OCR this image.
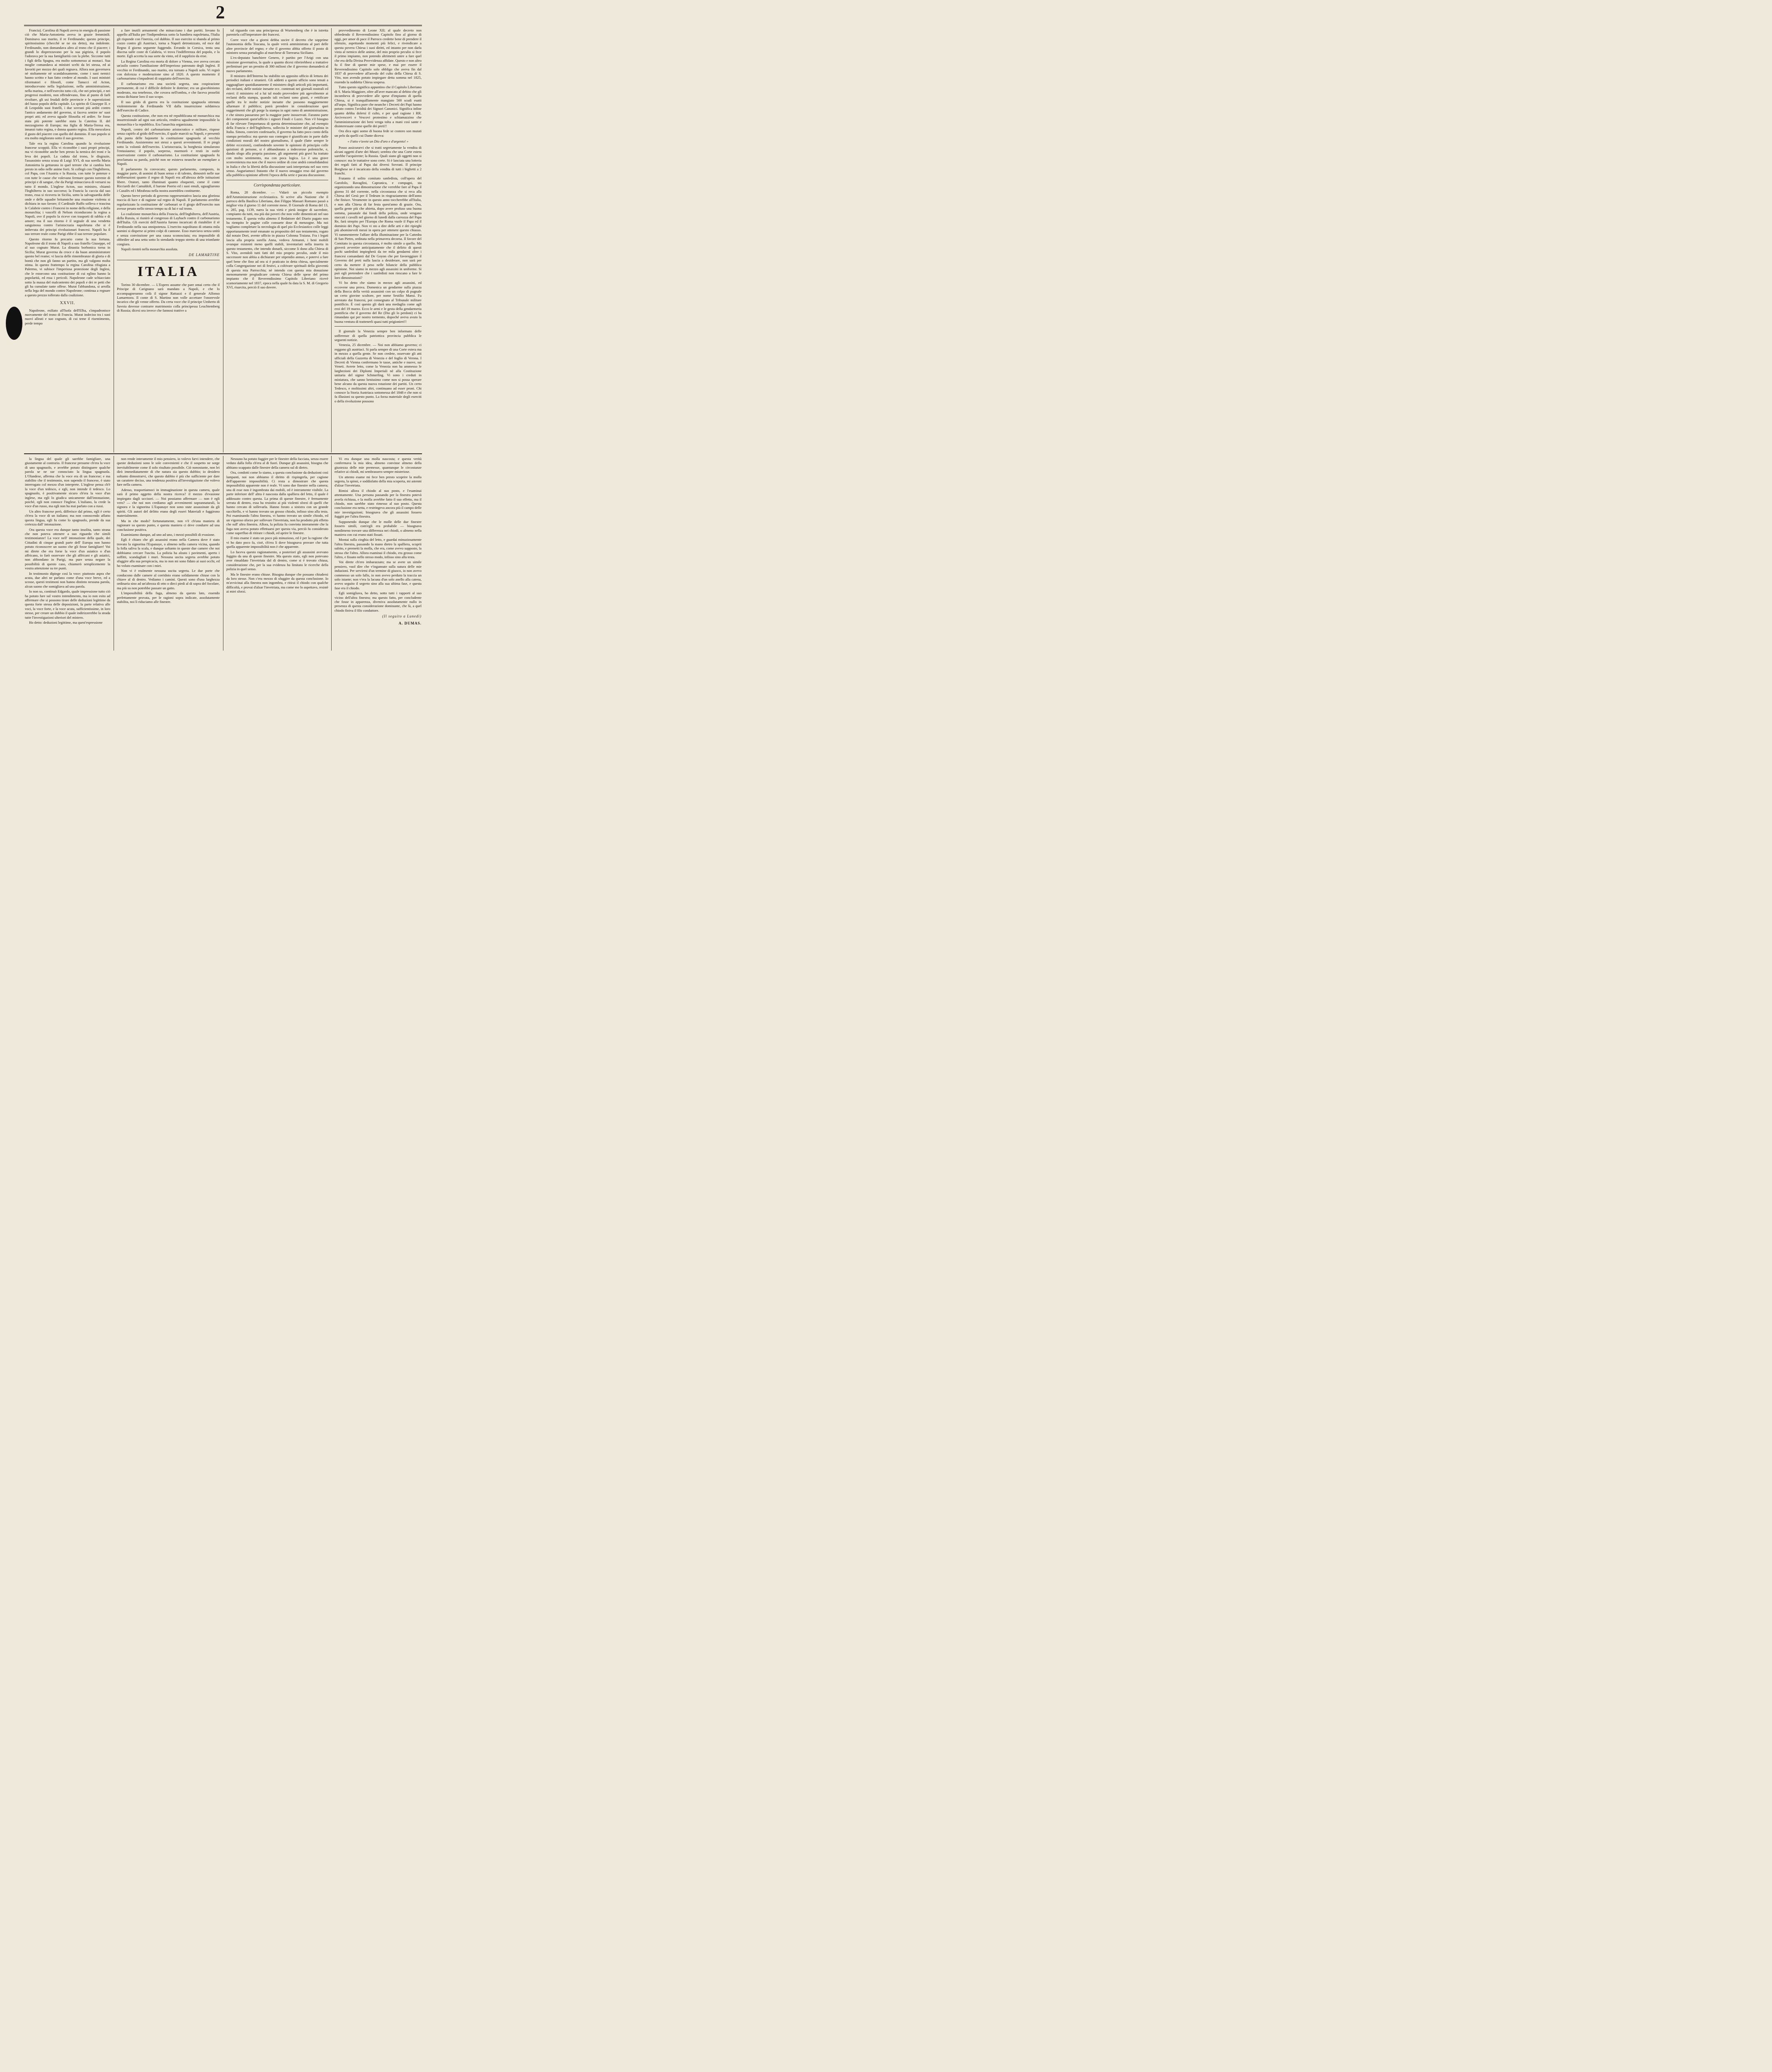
2

Francia). Carolina di Napoli aveva in energia di passione ciò che Maria-Antonietta aveva in grazie femminili. Dominava suo marito, il re Ferdinando; questo principe, spiritosissimo (checchè se ne sia detto), ma indolente. Ferdinando, non domandava altro al trono che il piacere; i grandi lo disprezzavano per la sua pigrizia, il popolo l'adorava per la sua famigliarità con la plebe. Siccome tutti i figli della Spagna, era molto sottomesso ai monaci. Sua moglie comandava ai ministri scelti da lei stessa, ed ai favoriti per mezzo dei quali regnava. Allora non governava nè stoltamente nè scandalosamente, come i suoi nemici hanno scritto e han fatto credere al mondo. I suoi ministri riformatori e filosofi, come Tanucci ed Acton, introducevano nella legislazione, nella amministrazione, nella marina, e nell'esercito tutto ciò, che nei principii, e nei progressi moderni, non offendevano, fino al punto di farli rivoltare, gli usi feudali delle provincie e le superstizioni del basso popolo della capitale. Lo spirito di Giuseppe II. e di Leopoldo suoi fratelli, i due sovrani più arditi contro l'antico andamento del governo, si faceva sentire ne' suoi propri atti; ed aveva uguale filosofia ed ardire. Se fosse stata più potente sarebbe stata la Caterina II. del mezzogiorno di Europa; ma figlia di Maria-Teresa era, innanzi tutto regina, e donna quanto regina. Ella mescolava il gusto del piacere con quello del dominio. Il suo popolo si era molto migliorato sotto il suo governo.

Tale era la regina Carolina quando la rivoluzione francese scoppiò. Ella vi riconobbe i suoi propri principi, ma vi riconobbe anche ben presto la nemica dei troni e la leva dei popoli. La caduta dal trono, le disgrazie, l'assassinio senza scusa di Luigi XVI, di sua sorella Maria Antonietta la gettarono in quel terrore che si cambia ben presto in odio nelle anime forti. Si collegò con l'Inghilterra, col Papa, con l'Austria e la Russia, con tutte le potenze e con tutte le cause che volevano fermare questo torrente di principi e di sangue, che da Parigi minacciava di versarsi su tutto il mondo. L'inglese Acton, suo ministro, chiamò l'Inghilterra in suo soccorso; la Francia la caccia dal suo trono, essa si ricovera in Sicilia, sotto la salvaguardia delle onde e delle squadre britanniche una reazione violenta si dichiara in suo favore; il Cardinale Ruffo solleva e trascina le Calabrie contro i Francesi in nome della religione, e della monarchia; i vascelli di Nelson riconducono la regina a Napoli, ove il popolo la riceve con trasporti di rabbia e di amore; ma il suo ritorno è il segnale di una vendetta sanguinosa contro l'aristocrazia napoletana che si è imbevuta dei principi rivoluzionari francesi. Napoli ha il suo terrore reale come Parigi ebbe il suo terrore popolare.

Questo ritorno fu precario come la sua fortuna. Napoleone dà il trono di Napoli a suo fratello Giuseppe, ed al suo cognato Murat. La dinastia borbonica torna in Sicilia; Murat governa da croce e da buon amministratore questo bel reame; vi lascia delle rimembranze di gloria e di bontà che non gli fanno un partito, ma gli valgono molta stima. In questo frattempo la regina Carolina rifugiata a Palermo, vi subisce l'imperiosa protezione degli Inglesi, che le estorcono una costituzione di cui eglino hanno la popolarità, ed essa i pericoli. Napoleone cade schiacciato sotto la massa del malcontento dei popoli e dei re petti che gli ha cumulate tante offese. Murat l'abbandona, si arrolla nella lega del mondo contro Napoleone; continua a regnare a questo prezzo tollerato dalla coalizione.

XXVII.

Napoleone, esiliato all'Isola dell'Elba, s'impadronisce nuovamente del trono di Francia. Murat indeciso tra i suoi nuovi alleati e suo cognato, di cui teme il risentimento, perde tempo

a fare inutili armamenti che minacciano i due partiti. Invano fa appello all'Italia per l'indipendenza sotto la bandiera napoletana, l'Italia gli risponde con l'inerzia, col dubbio. Il suo esercito si sbanda al primo cozzo contro gli Austriaci, torna a Napoli detronizzato, ed esce dal Regno il giorno seguente fuggendo. Errando in Corsica, tenta una discesa sulle coste di Calabria, vi trova l'indifferenza del popolo, e la morte. Egli accetta la sua sorte da vinto, ed il supplizio da eroe.

La Regina Carolina era morta di dolore a Vienna, ove aveva cercato un'asilo contro l'umiliazione dell'imperioso patronato degli Inglesi. Il vecchio re Ferdinando, suo marito, era tornato a Napoli solo. Vi regnò con dolcezza e moderazione sino al 1820. A questo momento il carbonarismo s'impadronì di soppiatto dell'esercito.

Il carbonarismo era una società segreta, una cospirazione permanente, di cui è difficile definire le dottrine; era un giacobinismo moderato, ma tenebroso, che covava nell'ombra, e che faceva proseliti senza dichiarar loro il suo scopo.

Il suo grido di guerra era la costituzione spagnuola ottenuta violentemente da Ferdinando VII dalla insurrezione soldatesca dell'esercito di Cadice.

Questa costituzione, che non era nè repubblicana nè monarchica ma insurrezionale ad ogni suo articolo, rendeva ugualmente impossibile la monarchia e la repubblica. Era l'anarchia organizzata.

Napoli, centro del carbonarismo aristocratico e militare, rispose senza capirlo al grido dell'esercito, il quale marciò su Napoli, e presentò alla punta delle bajonette la costituzione spagnuola al vecchio Ferdinando. Assistemmo noi stessi a questi avvenimenti. Il re piegò sotto la volontà dell'esercito. L'aristocrazia, la borghesia simularono l'entusiasmo; il popolo, sorpreso, mormorò e restò in ostile osservazione contro il carbonarismo. La costituzione spagnuola fu proclamata su parola, poichè non ne esisteva neanche un esemplare a Napoli.

Il parlamento fu convocato; questo parlamento, composto, in maggior parte, di uomini di buon senso e di talento, dimostrò nelle sue deliberazioni quanto il regno di Napoli era all'altezza delle istituzioni libere. Oratori, tanto illuminati quanto eloquenti, come il conte Ricciardi dei Camaldoli, il barone Poerio ed i suoi emuli, uguagliarono i Cazalès ed i Mirabeau nella nostra assemblea costituente.

Questo breve periodo di governo rappresentativo lascia una gloriosa traccia di luce e di ragione sul regno di Napoli. Il parlamento avrebbe regolarizzato la costituzione de' carbonari se il giogo dell'esercito non avesse pesato nello stesso tempo su di lui e sul trono.

La coalizione monarchica della Francia, dell'Inghilterra, dell'Austria, della Russia, si riunirò al congresso di Laybach contro il carbonarismo dell'Italia. Gli eserciti dell'Austria furono incaricati di ristabilire il rè Ferdinando nella sua onnipotenza. L'esercito napolitano di ottanta mila uomini si disperse ai primi colpi di cannone. Esso marciava senza unità e senza convinzione per una causa sconosciuta; era impossibile di obbedire ad una setta sotto lo stendardo troppo stretto di una trionfante congiura.

Napoli rientrò nella monarchia assoluta.

DE LAMARTINE
ITALIA

Torino 30 dicembre. — L'Espero assume che pare omai certo che il Principe di Carignano sarà mandato a Napoli, e che lo accompagneranno colà il signor Rattazzi e il generale Alfonso Lamarmora. Il conte di S. Martino non volle accettare l'onorevole incarico che gli venne offerto. Da certa voce che il principe Umberto di Savoia dovesse contrarre matrimonio colla principessa Leuchtemberg di Russia; dicesi ora invece che fannosi trattive a

tal riguardo con una principessa di Wurtemberg che è in istretta parentela coll'imperatore dei francesi.

Corre voce che a giorni debba uscire il decreto che sopprime l'autonomia della Toscana, la quale verrà amministrata al pari delle altre provincie del regno; e che il governo abbia offerto il posto di ministro senza portafoglio al marchese di Torrearsa Siciliano.

L'ex-deputato banchiere Genero, è partito per l'Arigi con una missione governativa, la quale a quanto dicesi riferirebbesi a trattative preliminari per un prestito di 300 milioni che il governo domanderà al nuovo parlamento.

Il ministro dell'Interno ha stabilito un apposito ufficio di lettura dei periodici italiani e stranieri. Gli addetti a questo ufficio sono tenuti a ragguagliare quotidianamente il ministero degli articoli più importanti, dei reclami, delle notizie inesatte ecc. contenuti nei giornali nostrali ed esteri: il ministero ed a lui tal modo provvedere più agevolmente ai reclami della stampa, quando tali reclami sono giusti, e rettificare quelle tra le molte notizie inesatte che possono maggiormente allarmare il pubblico; potrà prendere in considerazione quei suggerimenti che gli porge la stampa in ogni ramo di amministrazione, e che sinora passarono per la maggior parte inosservati. Faranno parte dei componenti quest'ufficio i signori Finali e Luzzi. Non v'è bisogno di far rilevare l'importanza di questa determinazione che, ad esempio della Francia e dell'Inghilterra, sollecita le ministre del giornalista in Italia. Sinora, convien confessarlo, il governo ha fatto poco conto della stampa periodica: ma questo suo contegno è giustificato in parte dalle condizioni morali del nostro giornalismo, il quale (fatte sempre le debite eccezioni), confondendo sovente le opinioni di principio colle quistioni di persone, si è abbandonato a indecorose polemiche, e, dando sfogo alla propria passione, gli argomenti più gravi ha trattato con molto sentimento, ma con poca logica. Lo è una grave sconvenienza ma non che il nuovo ordine di cose andrà consolidandosi in Italia e che la libertà della discussione sarà interpretata nel suo vero senso. Auguriamoci fratanto che il nuovo omaggio reso dal governo alla pubblica opinione affretti l'epoca della serie e pacata discussione.

Corrispondenza particolare.

Roma, 28 dicembre. — Vidarò un piccolo esempio dell'Amministrazione ecclesiastica. Si scrive alla Nazione che il parroco della Basilica Liberiana, don Filippo Massari Romano passò a miglior vita il giorno 11 del corrente mese. Il Giornale di Roma del 13, n. 285, pag. 1139, narra la sua virtù e pietà insigne di sacerdote, compianto da tutti, ma più dai poveri che non volle dimenticati nel suo testamento. È questa volta almeno il Redattore del Diario pagato non ha riempito le pagine colle consuete dose di menzogne. Ma noi vogliamo completare la necrologia di quel pio Ecclesiastico colle leggi opportunamente testé emanate su propositio del suo testamento, rogato dal notaio Dori, avente ufficio in piazza Colonna Traiana. Fra i legati lascia alla propria sorella Anna, vedova Armanni, i beni mobili ovunque esistenti meno quelli stabili, inventariati nella inserta in questo testamento, che intendo donarli, siccome li dono alla Chiesa di S. Vito, avendoli tutti fatti del mio proprio peculio, onde il mio successore non abbia a dichiarare per stipendio annuo, e potervi a fare quel bene che fino ad ora si è praticato in detta chiesa, specialmente colla Congregazione nei dì festivi, a coltivare spirituali della gioventù di questa mia Parrocchia; nè intendo con questa mia donazione menomamente pregiudicare cotesta Chiesa delle spese del primo impianto che il Reverendissimo Capitolo Liberiano ricevè scamoriamente nel 1837, epoca nella quale fu data la S. M. di Gregorio XVI, risarcita, perciò il suo dovere.

provvedimento di Leone XII; al quale decreto non obbedendo il Reverendissimo Capitolo fino al giorno di oggi, per amor di pace il Parroco credette bene di prendere il silenzio, aspettando momenti più felici, e rivendicare a questa povera Chiesa i suoi diritti, ed intanto per non darla vinta al nemico delle anime, del mio proprio peculio si fece il primo impianto, non potendo altrimenti unire a fare quel che era della Divina Provvidenza affidate. Questo e non altro fu il fine di queste mie spese, e mai per essere il Reverendissimo Capitolo solo obbligo che aveva fin dal 1837 di provvedere all'arredo del culto della Chiesa di S. Vito, non avendo potuto impiegare detta somma nel 1825, essendo la suddetta Chiesa sospesa.

Tutto questo significa appuntino che il Capitolo Liberiano di S. Maria Maggiore, oltre all'aver mancato al debito che gli incombeva di provvedere alle spese d'impianto di quella Chiesa, si è tranquillamente mangiato 500 scudi esatti all'uopo. Significa pure che neanche i Decreti dei Papi hanno potuto contro l'avidità dei Signori Canonici. Significa infine quanto debba dolersi il culto, e per qual ragione i RR. Arcivescovi e Vescovi protestino e schiamazzino che l'amministrazione dei beni venga tolta a mani così sante e disinteressate come quelle dei preti!!

Ora dica ogni uomo di buona fede se costoro son mutati un pelo da quelli cui Dante diceva:

« Fatto v'avete un Dio d'oro e d'argento! »

Posso assicurarvi che si tratti segretamente la vendita di alcuni oggetti d'arte dei Musei; sembra che una Corte estera sarebbe l'acquirente; la Russia. Quali siano gli oggetti non si conosce: ma le trattative sono certe. Si è lanciata una lotteria dei regali fatti al Papa dai diversi Sovrani. Il principe Borghese ne è incaricato della vendita di tutti i biglietti a 2 franchi.

Fratanto il solito comitato sanfedista, coll'opera del Garofolo, Ravaglini, Capranica, e compagni, sta organizzando una dimostrazione che verrebbe fare al Papa il giorno 31 del corrente, nella circostanza che si reca alla Chiesa del Gesù per il Tedeum in ringraziamento dell'anno che finisce. Veramente in questo anno toccherebbe all'Italia, e non alla Chiesa di far festa quest'anno di grazie. Ora, quella gente più che abietta, dopo avere profuso una buona somma, passatale dai fondi della polizia, onde vengano staccati i cavalli nel giorno di lunedì dalla carrozza del Papa Re, farà strepito per l'Europa che Roma vuole il Papa ed il dominio dei Papi. Non vi sto a dire delle arti e dei ripieghi più abominevoli messi in opera per ottenere questo chiasso. Vi rammenterete l'affare della illuminazione per la Cattedra di San Pietro, ordinata nella primavera decorsa. Il favore del Comitato in questa circostanza, è molto simile a quello. Ma gioverà avvertire anticipatamente che il delirio di questi pochi sanfedisti impiegherà da tre mila gendarmi oltre i francesi comandanti dal De Goyon che per favoreggiare il Governo del preti nulla lascia a desiderare, non sarà per certo da mettere il peso nelle bilancie della pubblica opinione. Noi siamo in mezzo agli assassini in uniforme. Si può egli pretendere che i sanfedisti non riescano a fare le loro dimostrazioni?

Vi ho detto che siamo in mezzo agli assassini, ed eccovene una prova. Domenica un gendarme sulla piazza della Bocca della verità assassinò con un colpo di pugnale un certo giovine scultore, per nome Sestilio Mansi. Fu arrestato dai francesi, poi consegnato al Tribunale militare pontificio. È così questo gli darà una medaglia come agli eroi del 19 marzo. Ecco le armi e le gesta della gendarmeria pontificia che il governo del Re (Dio gli lo perdoni) ci ha rimandato qui per nostro tormento, dopoché aveva avuto la buona ventura di trattenerli quasi tutti prigionieri!!

Il giornale la Venezia sempre ben informato delle sofferenze di quella patriottica provincia pubblica le seguenti notizie.

Venezia, 25 dicembre. — Noi non abbiamo governo; ci reggono gli austriaci. Si parla sempre di una Corte estera ma in mezzo a quella gente. Se non credete, osservate gli atti ufficiali della Gazzetta di Venezia e del foglio di Verona. I Decreti di Vienna confermano le tasse, antiche e nuove, sui Veneti. Avrete letto, come la Venezia non ha ammesso le larghezioni dei Diplomi Imperiali nè alla Costituzione unitaria del signor Schmerling. Vi sono i creduti in miniatura, che sanno benissimo come non si possa sperare bene alcuno da questa nuova rotazione dei partiti. Un certo Tedesco, e moltissimi altri, continuano ad esser proni. Chi conosce la Storia Austriaca sottomessa del 1848 e che non si fa illusioni su questo punto. La forza materiale degli eserciti o della rivoluzione possono

la lingua del quale gli sarebbe famigliare, una giustamente al contrario. Il francese presume ch'era la voce di uno spagnuolo, e avrebbe potuto distinguere qualche parola se ne sse conosciuto la lingua spagnuola. L'Olandese, afferma che la voce era di un francese; e ma stabilito che il testimonio, non sapendo il francese, è stato interrogato col mezzo d'un interprete. L'inglese pensa ch'è la voce d'un tedesco, e egli, non intende il tedesco. Lo spagnuolo, è positivamente sicuro ch'era la voce d'un inglese, ma egli lo giudica unicamente dall'intonazione, poichè, egli non conosce l'inglese. L'italiano, la crede la voce d'un russo, ma egli non ha mai parlato con a russi.

Un altro francese però, differisce dal primo, egli è certo ch'era la voce di un italiano; ma non conoscendo affatto questa lingua, egli fu come lo spagnuolo, prende da sua certezza dall' intonazione.

Ora questa voce era dunque tanto insolita, tanto strana che non poteva ottenere a suo riguardo che simili testimonianze! La voce nell' intonazione della quale, dei Cittadini di cinque grandi parte dell' Europa non hanno potuto riconoscere un suono che gli fosse famigliare! Voi mi direte che era forse la voce d'un asiatico o d'un affricano, io farò osservare che gli affricani e gli asiatici, non abbondano in Parigi, ma pure senza negare la possibilità di questo caso, chiamerò semplicemente la vostra attenzione su tre punti.

In testimonio dipinge così la voce: piuttosto aspra che acuta, due altri ne parlano come d'una voce breve, ed a scosse, questi testimoni non hanno distinto nessuna parola, alcun suono che somigliava ad una parola.

Io non so, continuò Edgardo, quale impressione tutto ciò ha potuto fare sul vostro intendimento, ma io non esito ad affermare che si possono tirare delle deduzioni legittime da questa forte stessa delle deposizioni, la parte relativa alle voci, la voce forte, e la voce acuta, sufficientissime, in loro stesse, per creare un dubbio il quale indirizzerebbe la strada tutte l'investigazioni ulteriori del mistero.

Ho detto: deduzioni legittime, ma quest'espressione

non rende interamente il mio pensiero, io volevo farvi intendere, che queste deduzioni sono le sole convenienti e che il sospetto ne sorge inevitabilmente come il solo risultato possibile. Ciò nonostante, non lei dirò immediatamente di che natura sia questo dubbio; io desidero soltanto dimostrarvi, che questo dubbio è più che sufficiente per dare un carattere deciso, una tendenza positiva all'investigazione che volevo fare nella camera.

Adesso, trasportiamoci in immaginazione in questa camera, quale sarà il primo oggetto della nostra ricerca? il mezzo d'evasione impiegato dagli uccisori. — Noi possiamo affermare — non è egli vero? — che noi non crediamo agli avvenimenti soprannaturali, la signora e la signorina L'Espanaye non sono state assassinate da gli spiriti. Gli autori del delitto erano degli esseri Materiali e fuggirono materialmente.

Ma in che modo? fortunatamente, non v'è ch'una maniera di ragionare su questo punto, e questa maniera ci deve condurre ad una conclusione positiva.

Esaminiamo dunque, ad uno ad uno, i mezzi possibili di evasione.

Egli è chiaro che gli assassini erano nella Camera dove è stato trovato la signorina l'Espanaye, o almeno nella camera vicina, quando la folla saliva la scala, e dunque soltanto in queste due camere che noi dobbiamo cercare l'uscita. La polizia ha alzato i pavimenti, aperto i soffitti, scandagliati i muri. Nessuna uscita segreta avrebbe potuto sfuggire alla sua perspicacia, ma io non mi sono fidato ai suoi occhi, ed ho voluto esaminare con i miei.

Non vi è realmente nessuna uscita segreta. Le due porte che conducono dalle camere al corridoio erano solidamente chiuse con la chiave al di dentro. Vediamo i camini. Questi sono d'una larghezza ordinaria sino ad un'altezza di otto o dieci piedi al di sopra del focolare, ma più su non potrebbe passare un gatto.

L'impossibilità della fuga, almeno da questo lato, essendo perfettamente provata, per le ragioni sopra indicate, assolutamente stabilita, noi lì riduciamo alle finestre.

Nessuno ha potuto fuggire per le finestre della facciata, senza essere veduto dalla folla ch'era al di fuori. Dunque gli assassini, bisogna che abbiano scappato dalle finestre della camera sul di dietro.

Ora, condotti come lo siamo, a questa conclusione da deduzioni così lampanti, noi non abbiamo il diritto di rispingerla, per cagione dell'apparente impossibilità. Ci resta a dimostrare che questa impossibilità apparente non è reale. Vi sono due finestre nella camera; una di esse non è ingombrata dai mobili, ed è interamente visibile. La parte inferiore dell' altra è nascosta dalla spalliera del letto, il quale è addossato contro questa. La prima di queste finestre, è fermamente serrata di dentro, essa ha resistito ai più violenti sforzi di quelli che hanno cercato di sollevarla. Hanno forato a sinistra con un grande succhiello, e vi hanno trovato un grosso chiodo, infisso sino alla testa. Poi esaminando l'altra finestra, vi hanno trovato un simile chiodo, ed un vigoroso sforzo per sollevare l'invetriata, non ha prodotto più effetto che sull' altra finestra. Allora, la polizia fu convinta interamente che la fuga non aveva potuto effettuarsi per questa via, perciò fu considerato come superfluo di ritirare i chiodi, ed aprire le finestre.

Il mio esame è stato un poco più minuzioso, ed è per la ragione che vi ho dato poco fa, cioè, ch'era lì dove bisognava provare che tutta quella apparente impossibilità non è che apparente.

Lo faceva questo ragionamento, a posteriori gli assassini avevano fuggito da una di queste finestre. Ma questo stato, egli non potevano aver rinsaldato l'invetriata dal di dentro, come si è trovato chiusa, considerazione che, per la sua evidenza ha limitato le ricerche della polizia in quel senso.

Ma le finestre erano chiuse. Bisogna dunque che possano chiudersi da loro stesse. Non c'era mezzo di sfuggire da questa conclusione. Io m'avvicinai alla finestra non ingombra, e ritirai il chiodo con qualche difficoltà, e provai d'alzar l'invetriata, ma come me lo aspettavo, resistè ai miei sforzi.

Vi era dunque una molla nascosta; e questa verità confermava la mia idea, almeno convinse almeno della giustezza delle mie premesse, quantunque le circostanze relative ai chiodi, mi sembrassero sempre misteriose.

Un attento esame mi fece ben presto scoprire la molla segreta, la spinsi, e soddisfatto della mia scoperta, mi astenni d'alzar l'invetriata.

Rimisi allora il chiodo al suo posto, e l'esaminai attentamente. Una persona passando per la finestra potevà averla richiusa, e la molla avrebbe fatto il suo effetto, ma il chiodo, non sarebbe stato rimesso al suo posto. Questa conclusione era netta, e restringeva ancora più il campo delle mie investigazioni; bisognava che gli assassini fossero fuggiti per l'altra finestra.

Supponendo dunque che le molle delle due finestre fossero simili, com'egli era probabile — bisognava nondimeno trovare una differenza nei chiodi, o almeno nella maniera con cui erano stati fissati.

Montai sulla cinghia del letto, e guardai minuziosamente l'altra finestra, passando la mano dietro la spalliera, scoprii subito, e premetti la molla, che era, come avevo supposto, la stessa che l'altra. Allora esaminai il chiodo, era grosso come l'altro, e fissato nello stesso modo, infisso sino alla testa.

Voi direte ch'ero imbarazzato; ma se avete un simile pensiero, vuol dire che v'ingannate sulla natura delle mie induzioni. Per servirmi d'un termine di giuoco, io non avevo commesso un solo fallo, io non avevo perduto la traccia un solo istante; non v'era la lacuna d'un solo anello alla catena, avevo seguito il segreto sino alla sua ultima fase, e questa fase era il chiodo.

Egli somigliava, ho detto, sotto tutti i rapporti al suo vicino dell'altra finestra; ma questo fatto, per concludente che fosse in apparenza, diveniva assolutamente nullo in presenza di questa considerazione dominante, che là, a quel chiodo finiva il filo conduttore.

(Il seguito a Lunedì)
A. DUMAS.
